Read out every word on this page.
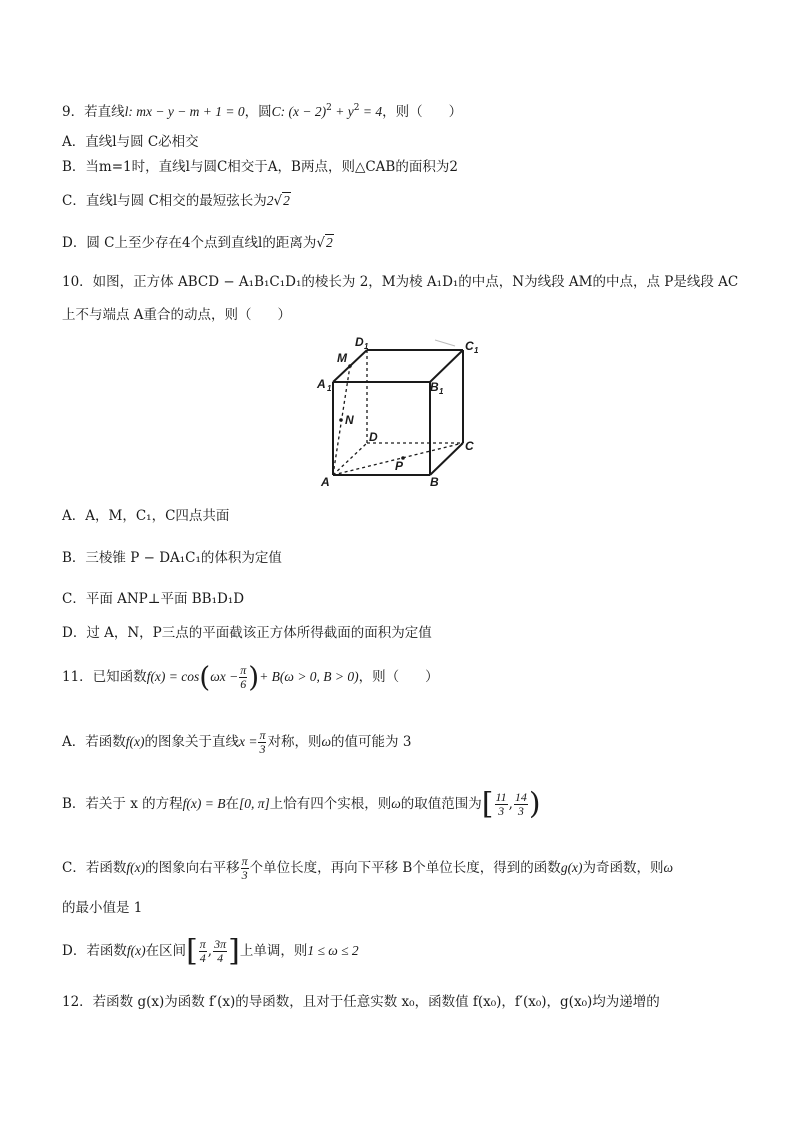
9．若直线l: mx − y − m + 1 = 0，圆C: $(x - 2)^2 + y^2 = 4$，则（ ）
A．直线l与圆 C必相交
B．当m=1时，直线l与圆C相交于A，B两点，则△CAB的面积为2
C．直线l与圆 C相交的最短弦长为2√2
D．圆 C上至少存在4个点到直线l的距离为√2
10．如图，正方体 ABCD − A₁B₁C₁D₁的棱长为 2，M为棱 A₁D₁的中点，N为线段 AM的中点，点 P是线段 AC
上不与端点 A重合的动点，则（ ）
A	B
C
D
A 1	B 1
C 1
D 1
M
N
P
A．A，M，C₁，C四点共面
B．三棱锥 P − DA₁C₁的体积为定值
C．平面 ANP⊥平面 BB₁D₁D
D．过 A，N，P三点的平面截该正方体所得截面的面积为定值
11．已知函数$f(x) = \cos(\omega x - \frac{\pi}{6}$ )+ B(ω > 0, B > 0)，则（ ）
A．若函数f(x)的图象关于直线$x = \frac{\pi}{3}$ 对称，则ω的值可能为 3
B．若关于 x 的方程f(x) = B在[0, π]上恰有四个实根，则ω的取值范围为[ $\frac{11}{3}$ , $\frac{14}{3}$ )
C．若函数f(x)的图象向右平移 $\frac{\pi}{3}$ 个单位长度，再向下平移 B个单位长度，得到的函数g(x)为奇函数，则ω
的最小值是 1
D．若函数f(x)在区间[ $\frac{\pi}{4}$ , $\frac{3\pi}{4}$ ]上单调，则1 ≤ ω ≤ 2
12．若函数 g(x)为函数 f′(x)的导函数，且对于任意实数 x₀，函数值 f(x₀)，f′(x₀)，g(x₀)均为递增的
